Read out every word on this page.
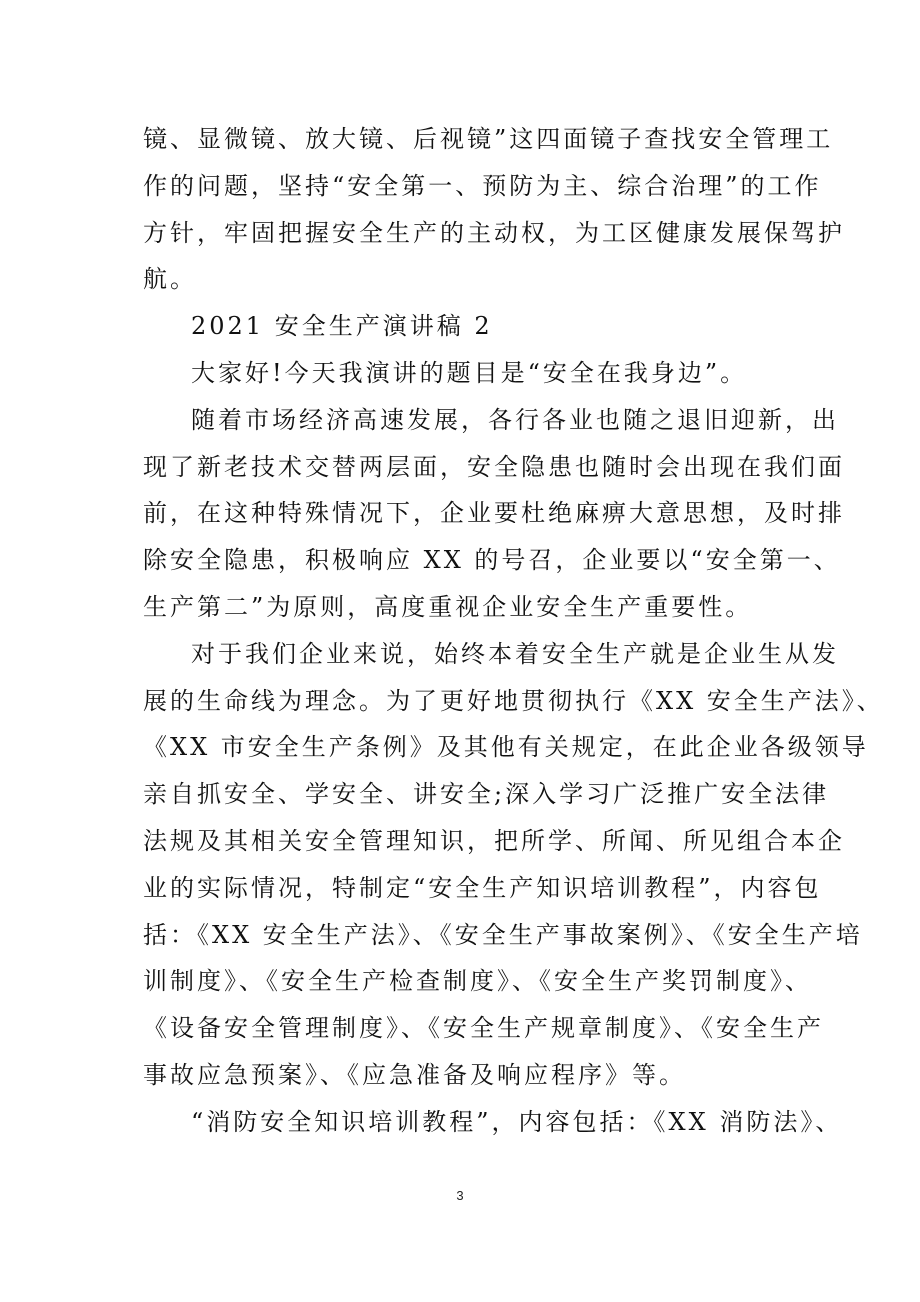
镜、显微镜、放大镜、后视镜”这四面镜子查找安全管理工
作的问题，坚持“安全第一、预防为主、综合治理”的工作
方针，牢固把握安全生产的主动权，为工区健康发展保驾护
航。
2021 安全生产演讲稿 2
大家好!今天我演讲的题目是“安全在我身边”。
随着市场经济高速发展，各行各业也随之退旧迎新，出
现了新老技术交替两层面，安全隐患也随时会出现在我们面
前，在这种特殊情况下，企业要杜绝麻痹大意思想，及时排
除安全隐患，积极响应 XX 的号召，企业要以“安全第一、
生产第二”为原则，高度重视企业安全生产重要性。
对于我们企业来说，始终本着安全生产就是企业生从发
展的生命线为理念。为了更好地贯彻执行《XX 安全生产法》、
《XX 市安全生产条例》及其他有关规定，在此企业各级领导
亲自抓安全、学安全、讲安全;深入学习广泛推广安全法律
法规及其相关安全管理知识，把所学、所闻、所见组合本企
业的实际情况，特制定“安全生产知识培训教程”，内容包
括：《XX 安全生产法》、《安全生产事故案例》、《安全生产培
训制度》、《安全生产检查制度》、《安全生产奖罚制度》、
《设备安全管理制度》、《安全生产规章制度》、《安全生产
事故应急预案》、《应急准备及响应程序》等。
“消防安全知识培训教程”，内容包括：《XX 消防法》、
3
